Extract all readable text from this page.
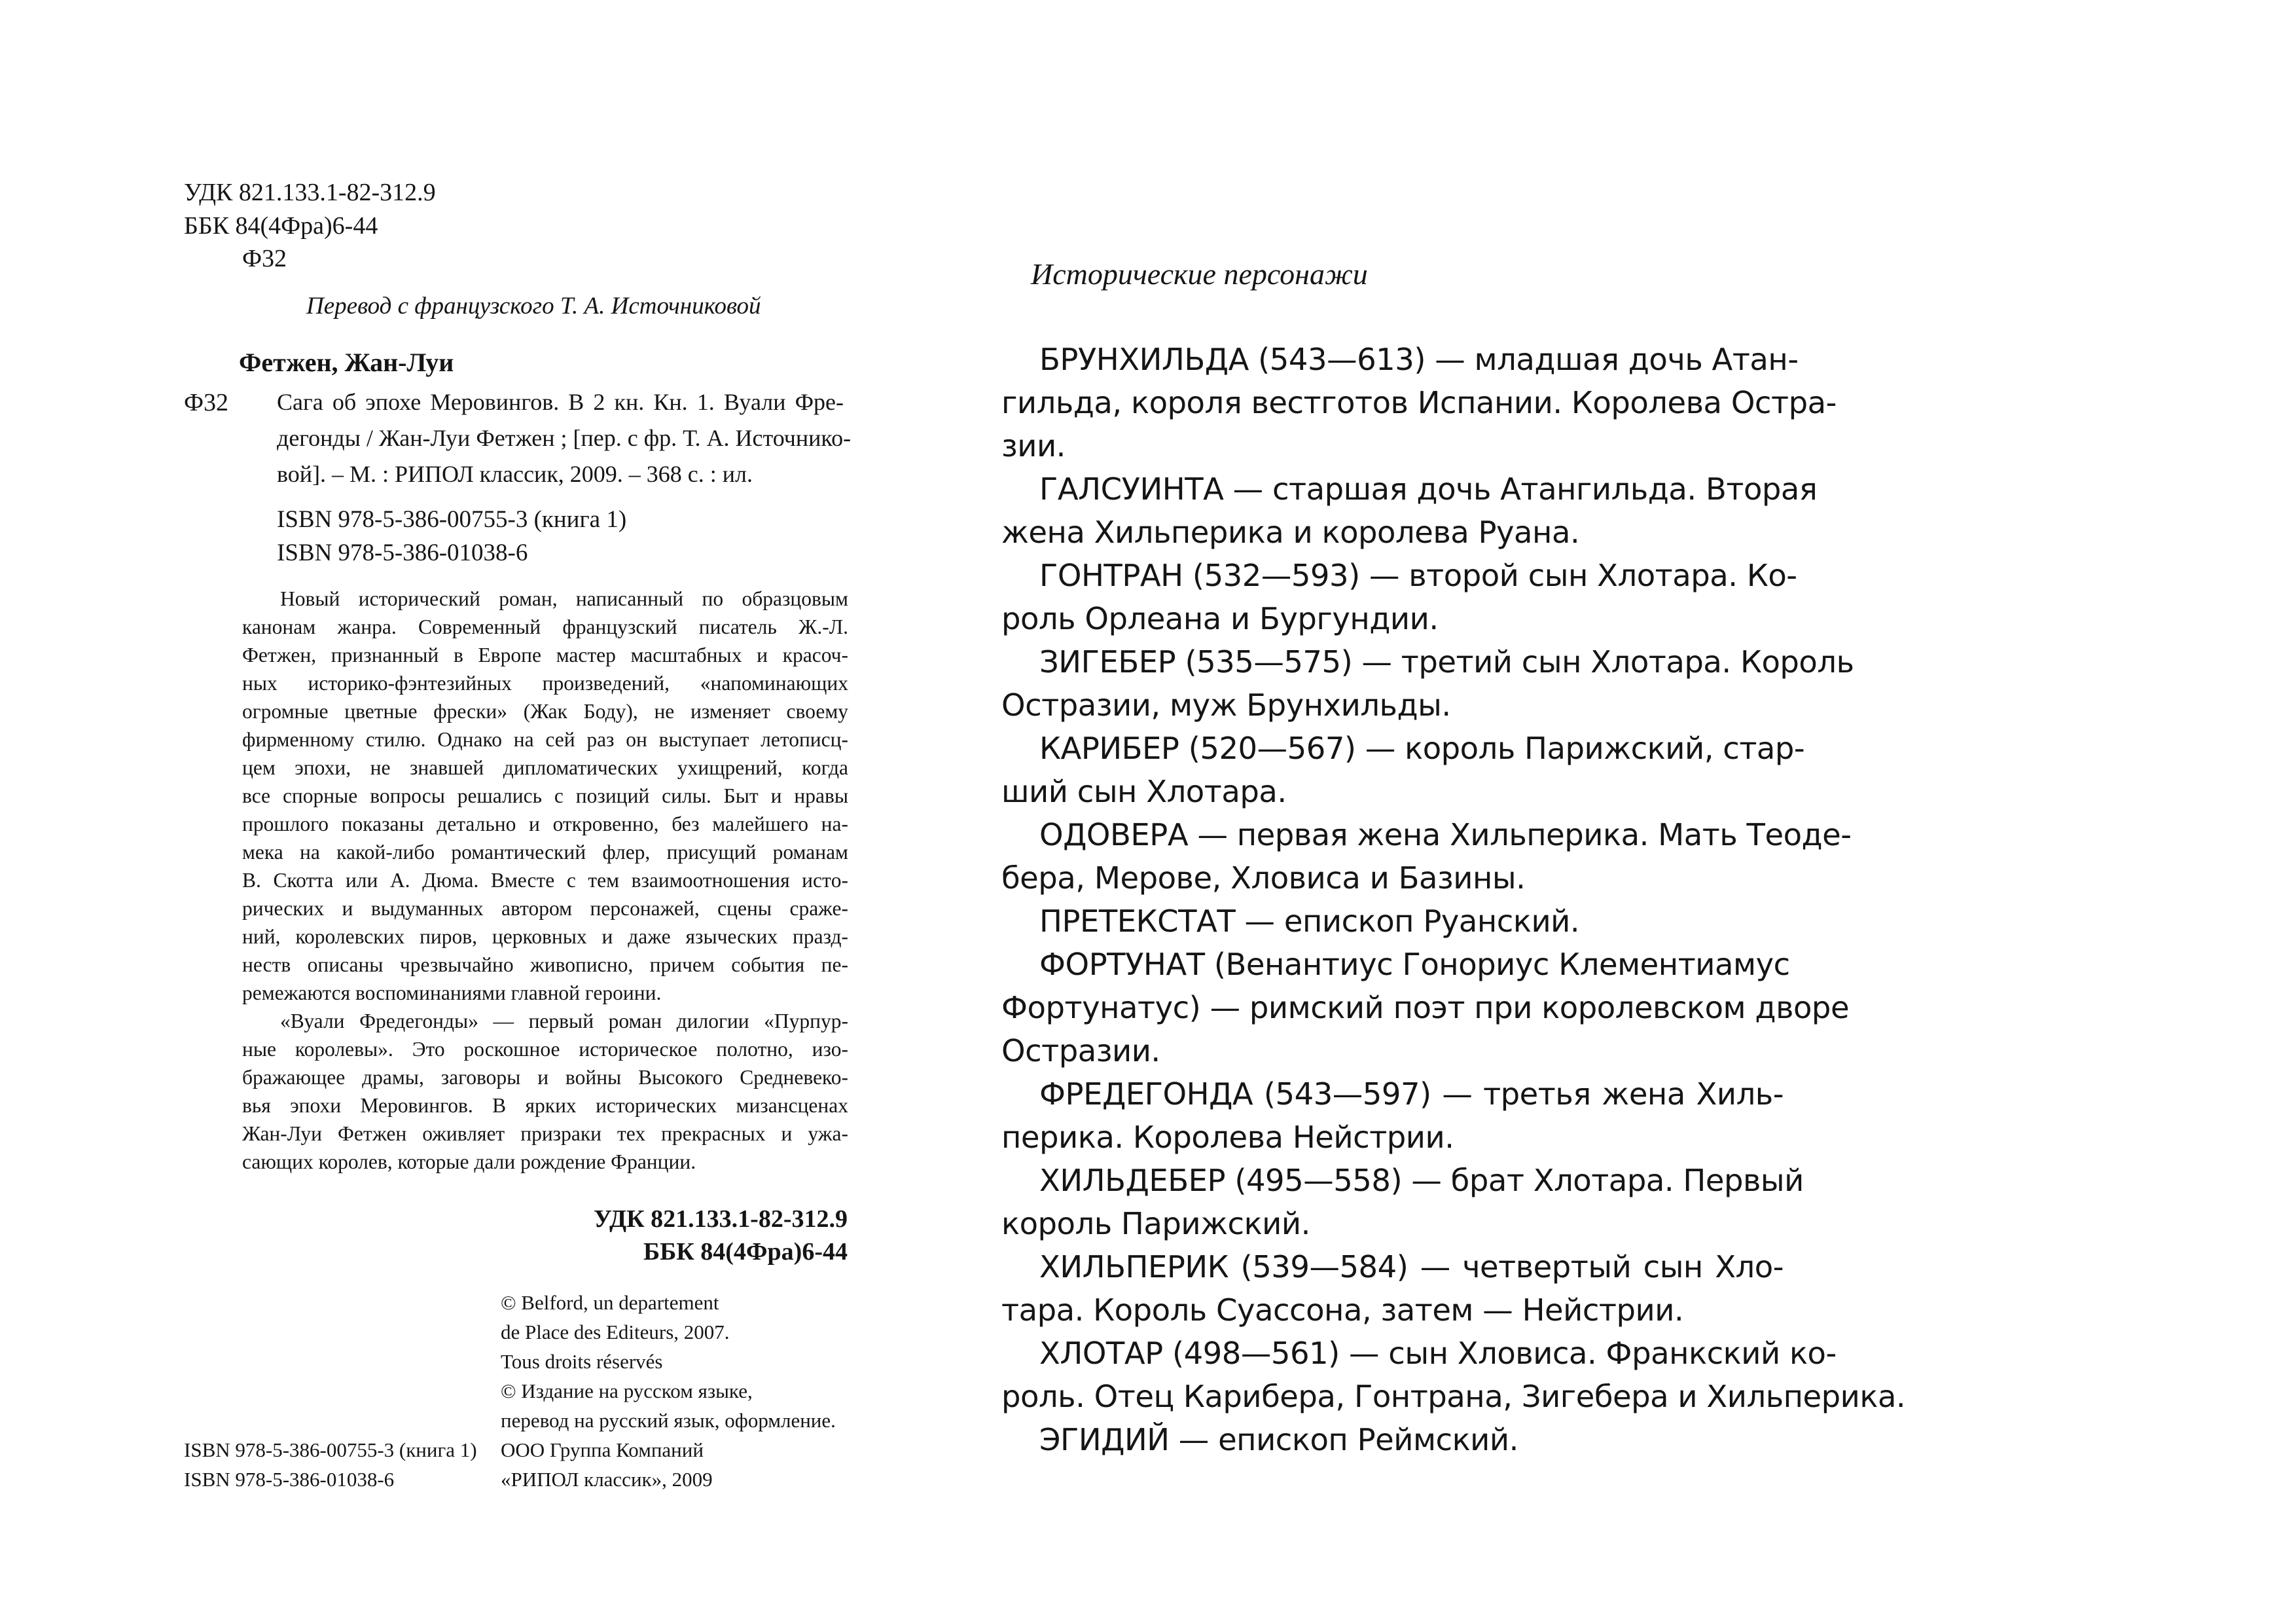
УДК 821.133.1-82-312.9
ББК 84(4Фра)6-44
Ф32
Перевод с французского Т. А. Источниковой
Фетжен, Жан-Луи
Ф32 Сага об эпохе Меровингов. В 2 кн. Кн. 1. Вуали Фре-
дегонды / Жан-Луи Фетжен ; [пер. с фр. Т. А. Источнико-
вой]. – М. : РИПОЛ классик, 2009. – 368 с. : ил.
ISBN 978-5-386-00755-3 (книга 1)
ISBN 978-5-386-01038-6
Новый исторический роман, написанный по образцовым
канонам жанра. Современный французский писатель Ж.-Л.
Фетжен, признанный в Европе мастер масштабных и красоч-
ных историко-фэнтезийных произведений, «напоминающих
огромные цветные фрески» (Жак Боду), не изменяет своему
фирменному стилю. Однако на сей раз он выступает летописц-
цем эпохи, не знавшей дипломатических ухищрений, когда
все спорные вопросы решались с позиций силы. Быт и нравы
прошлого показаны детально и откровенно, без малейшего на-
мека на какой-либо романтический флер, присущий романам
В. Скотта или А. Дюма. Вместе с тем взаимоотношения истo-
рических и выдуманных автором персонажей, сцены сраже-
ний, королевских пиров, церковных и даже языческих празд-
неств описаны чрезвычайно живописно, причем события пе-
ремежаются воспоминаниями главной героини.
«Вуали Фредегонды» — первый роман дилогии «Пурпур-
ные королевы». Это роскошное историческое полотно, изо-
бражающее драмы, заговоры и войны Высокого Средневеко-
вья эпохи Меровингов. В ярких исторических мизансценах
Жан-Луи Фетжен оживляет призраки тех прекрасных и ужа-
сающих королев, которые дали рождение Франции.
УДК 821.133.1-82-312.9
ББК 84(4Фра)6-44
© Belford, un departement
de Place des Editeurs, 2007.
Tous droits réservés
© Издание на русском языке,
перевод на русский язык, оформление.
ООО Группа Компаний
«РИПОЛ классик», 2009
ISBN 978-5-386-00755-3 (книга 1)
ISBN 978-5-386-01038-6
Исторические персонажи
БРУНХИЛЬДА (543—613) — младшая дочь Атан-
гильда, короля вестготов Испании. Королева Остра-
зии.
ГАЛСУИНТА — старшая дочь Атангильда. Вторая
жена Хильперика и королева Руана.
ГОНТРАН (532—593) — второй сын Хлотара. Ко-
роль Орлеана и Бургундии.
ЗИГЕБЕР (535—575) — третий сын Хлотара. Король
Остразии, муж Брунхильды.
КАРИБЕР (520—567) — король Парижский, стар-
ший сын Хлотара.
ОДОВЕРА — первая жена Хильперика. Мать Теоде-
бера, Мерове, Хловиса и Базины.
ПРЕТЕКСТАТ — епископ Руанский.
ФОРТУНАТ (Венантиус Гонориус Клементиамус
Фортунатус) — римский поэт при королевском дворе
Остразии.
ФРЕДЕГОНДА (543—597) — третья жена Хиль-
перика. Королева Нейстрии.
ХИЛЬДЕБЕР (495—558) — брат Хлотара. Первый
король Парижский.
ХИЛЬПЕРИК (539—584) — четвертый сын Хло-
тара. Король Суассона, затем — Нейстрии.
ХЛОТАР (498—561) — сын Хловиса. Франкский ко-
роль. Отец Карибера, Гонтрана, Зигебера и Хильперика.
ЭГИДИЙ — епископ Реймский.
